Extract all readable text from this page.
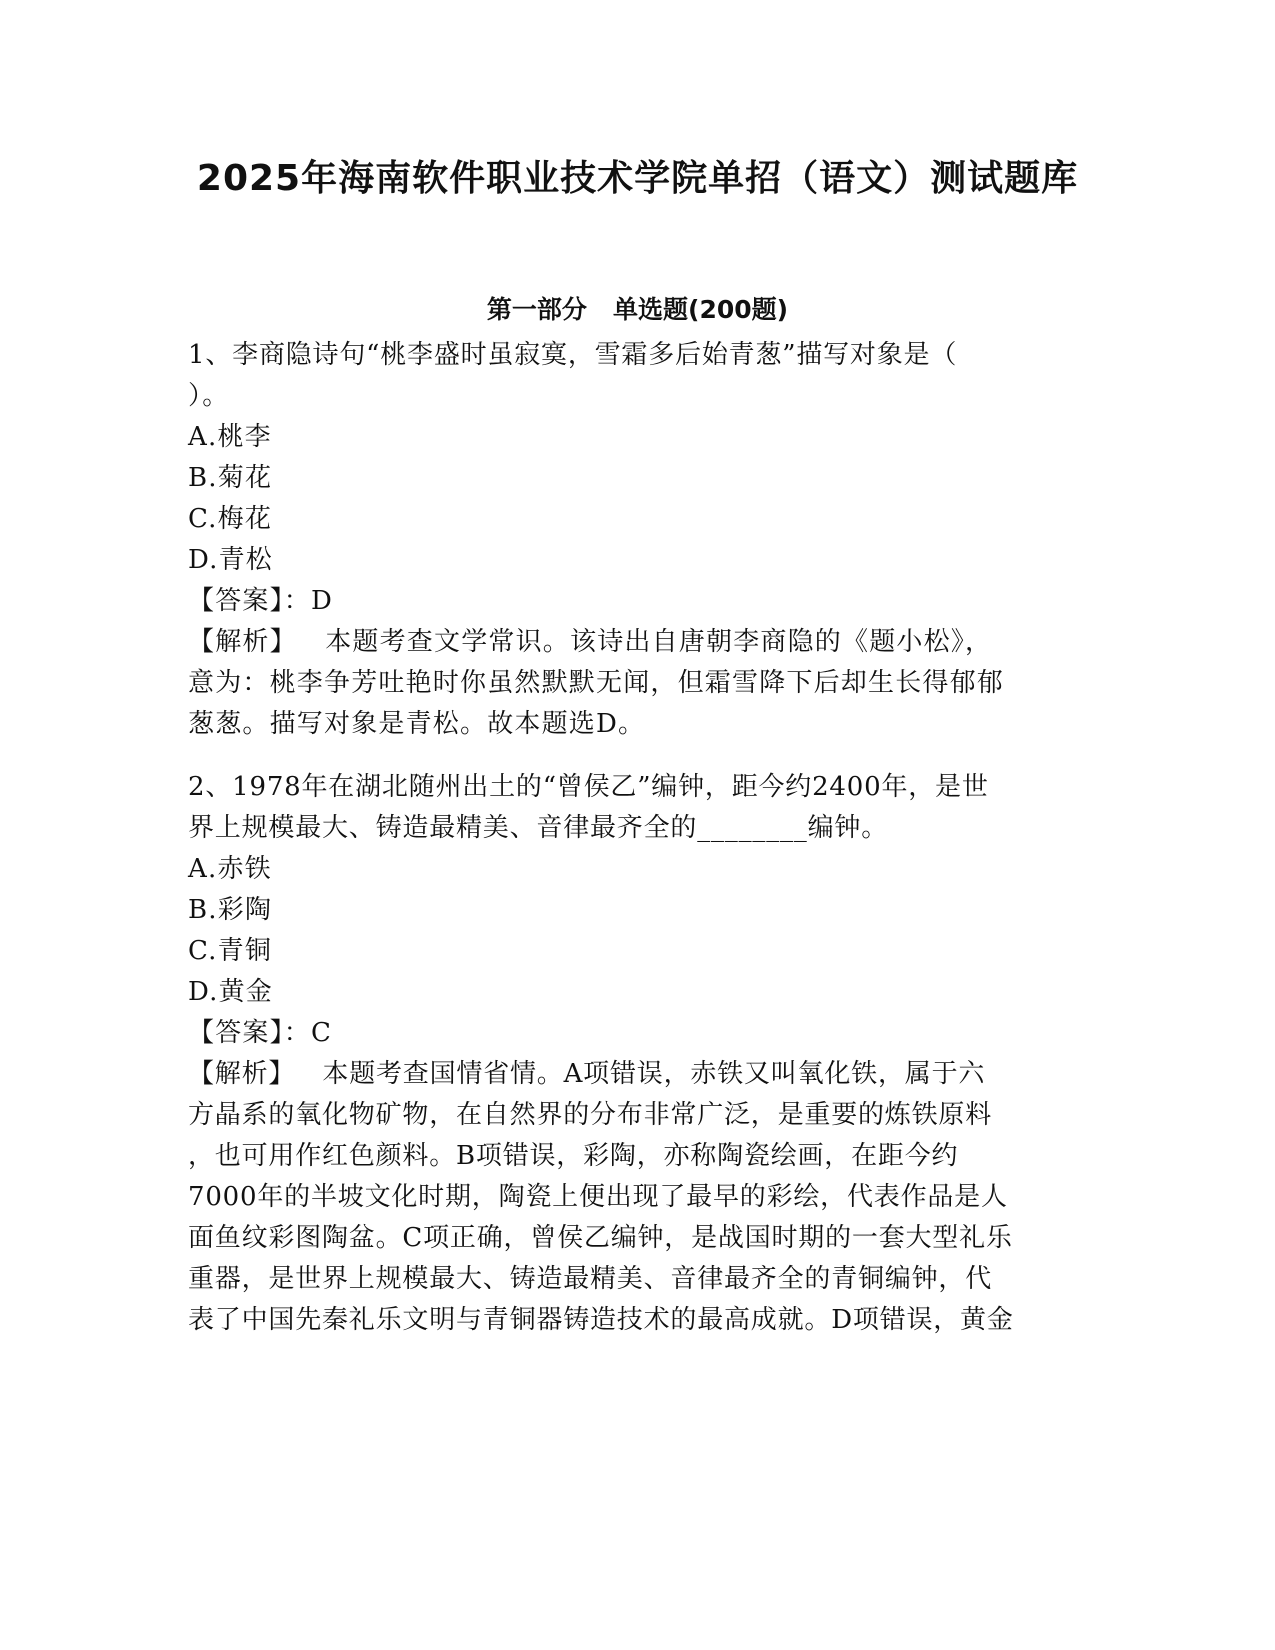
2025年海南软件职业技术学院单招（语文）测试题库
第一部分   单选题(200题)
1、李商隐诗句“桃李盛时虽寂寞，雪霜多后始青葱”描写对象是（
）。
A.桃李
B.菊花
C.梅花
D.青松
【答案】：D
【解析】   本题考查文学常识。该诗出自唐朝李商隐的《题小松》，
意为：桃李争芳吐艳时你虽然默默无闻，但霜雪降下后却生长得郁郁
葱葱。描写对象是青松。故本题选D。
2、1978年在湖北随州出土的“曾侯乙”编钟，距今约2400年，是世
界上规模最大、铸造最精美、音律最齐全的________编钟。
A.赤铁
B.彩陶
C.青铜
D.黄金
【答案】：C
【解析】   本题考查国情省情。A项错误，赤铁又叫氧化铁，属于六
方晶系的氧化物矿物，在自然界的分布非常广泛，是重要的炼铁原料
，也可用作红色颜料。B项错误，彩陶，亦称陶瓷绘画，在距今约
7000年的半坡文化时期，陶瓷上便出现了最早的彩绘，代表作品是人
面鱼纹彩图陶盆。C项正确，曾侯乙编钟，是战国时期的一套大型礼乐
重器，是世界上规模最大、铸造最精美、音律最齐全的青铜编钟，代
表了中国先秦礼乐文明与青铜器铸造技术的最高成就。D项错误，黄金
